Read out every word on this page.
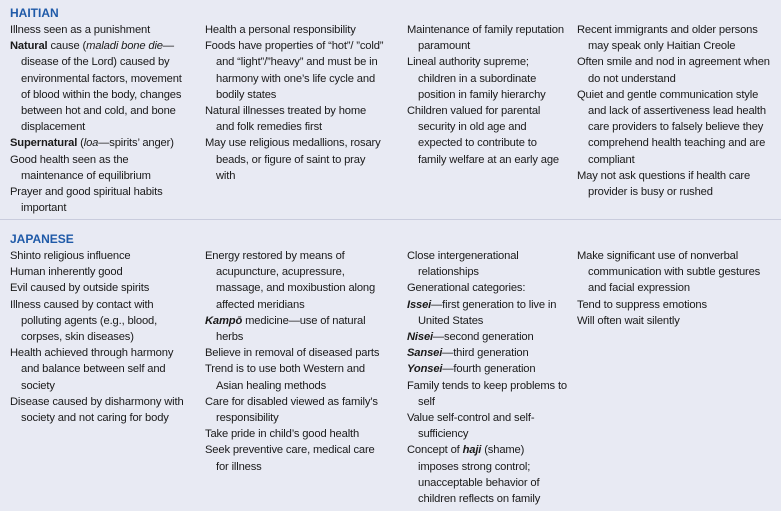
HAITIAN
Illness seen as a punishment
Natural cause (maladi bone die—disease of the Lord) caused by environmental factors, movement of blood within the body, changes between hot and cold, and bone displacement
Supernatural (loa—spirits’ anger)
Good health seen as the maintenance of equilibrium
Prayer and good spiritual habits important
Health a personal responsibility
Foods have properties of “hot”/ ”cold” and “light”/”heavy” and must be in harmony with one’s life cycle and bodily states
Natural illnesses treated by home and folk remedies first
May use religious medallions, rosary beads, or figure of saint to pray with
Maintenance of family reputation paramount
Lineal authority supreme; children in a subordinate position in family hierarchy
Children valued for parental security in old age and expected to contribute to family welfare at an early age
Recent immigrants and older persons may speak only Haitian Creole
Often smile and nod in agreement when do not understand
Quiet and gentle communication style and lack of assertiveness lead health care providers to falsely believe they comprehend health teaching and are compliant
May not ask questions if health care provider is busy or rushed
JAPANESE
Shinto religious influence
Human inherently good
Evil caused by outside spirits
Illness caused by contact with polluting agents (e.g., blood, corpses, skin diseases)
Health achieved through harmony and balance between self and society
Disease caused by disharmony with society and not caring for body
Energy restored by means of acupuncture, acupressure, massage, and moxibustion along affected meridians
Kampō medicine—use of natural herbs
Believe in removal of diseased parts
Trend is to use both Western and Asian healing methods
Care for disabled viewed as family’s responsibility
Take pride in child’s good health
Seek preventive care, medical care for illness
Close intergenerational relationships
Generational categories:
Issei—first generation to live in United States
Nisei—second generation
Sansei—third generation
Yonsei—fourth generation
Family tends to keep problems to self
Value self-control and self-sufficiency
Concept of haji (shame) imposes strong control; unacceptable behavior of children reflects on family
Make significant use of nonverbal communication with subtle gestures and facial expression
Tend to suppress emotions
Will often wait silently
